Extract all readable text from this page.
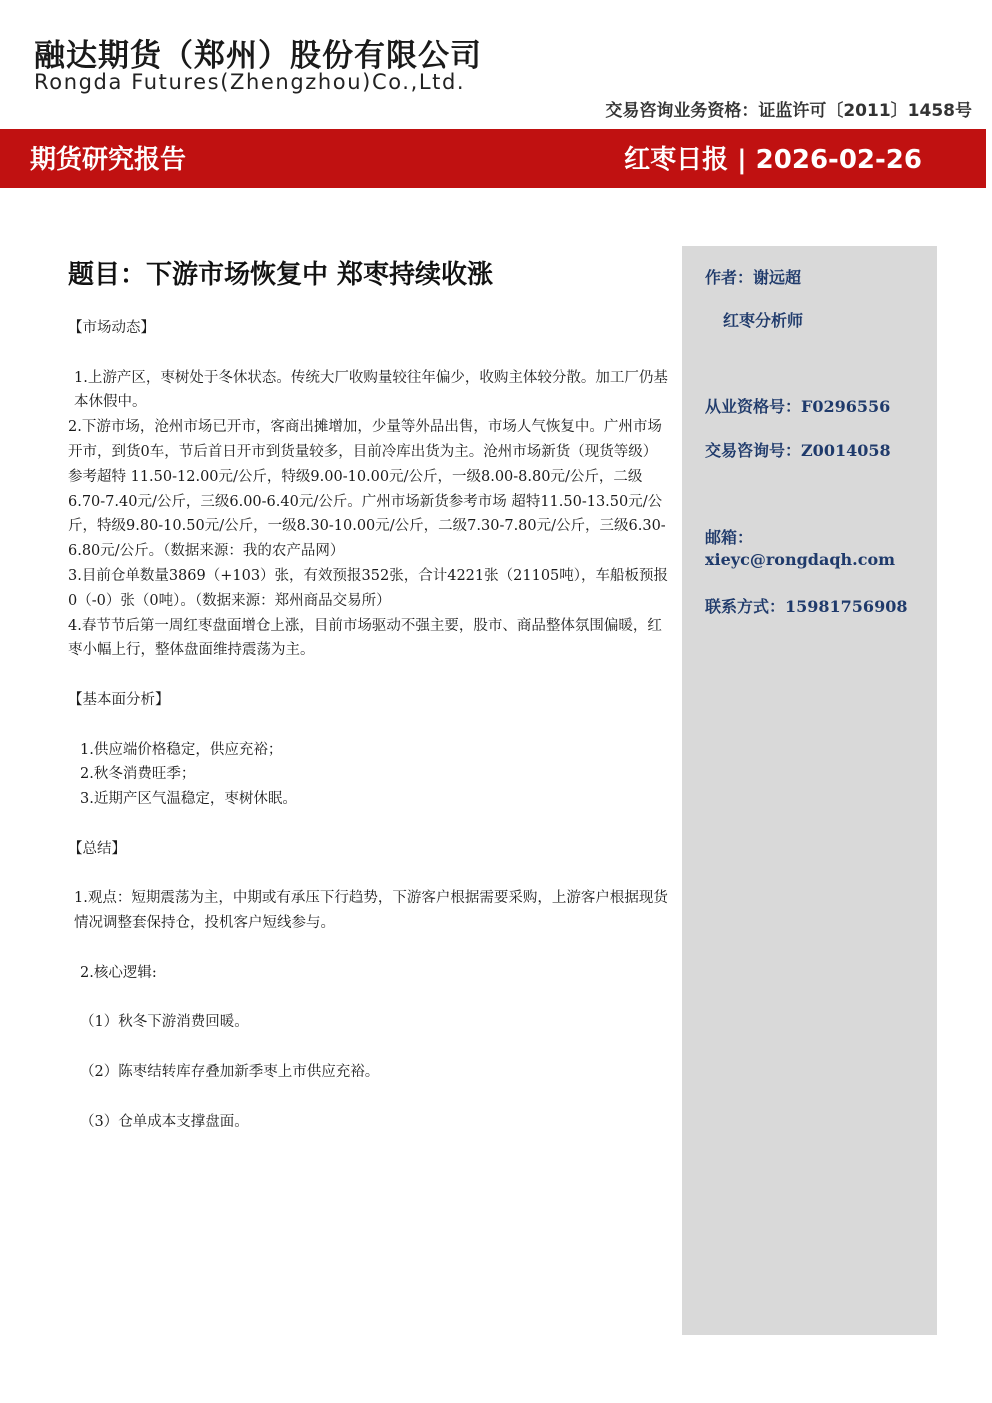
融达期货（郑州）股份有限公司
Rongda Futures(Zhengzhou)Co.,Ltd.
交易咨询业务资格：证监许可〔2011〕1458号
期货研究报告	红枣日报 | 2026-02-26
题目：下游市场恢复中 郑枣持续收涨	作者：谢远超
红枣分析师
从业资格号：F0296556
交易咨询号：Z0014058
邮箱：
xieyc@rongdaqh.com
联系方式：15981756908

【市场动态】

1.上游产区，枣树处于冬休状态。传统大厂收购量较往年偏少，收购主体较分散。加工厂仍基本休假中。

2.下游市场，沧州市场已开市，客商出摊增加，少量等外品出售，市场人气恢复中。广州市场开市，到货0车，节后首日开市到货量较多，目前冷库出货为主。沧州市场新货（现货等级）参考超特 11.50-12.00元/公斤，特级9.00-10.00元/公斤，一级8.00-8.80元/公斤，二级6.70-7.40元/公斤，三级6.00-6.40元/公斤。广州市场新货参考市场 超特11.50-13.50元/公斤，特级9.80-10.50元/公斤，一级8.30-10.00元/公斤，二级7.30-7.80元/公斤，三级6.30-6.80元/公斤。（数据来源：我的农产品网）

3.目前仓单数量3869（+103）张，有效预报352张，合计4221张（21105吨），车船板预报0（-0）张（0吨）。（数据来源：郑州商品交易所）

4.春节节后第一周红枣盘面增仓上涨，目前市场驱动不强主要，股市、商品整体氛围偏暖，红枣小幅上行，整体盘面维持震荡为主。

【基本面分析】

1.供应端价格稳定，供应充裕；

2.秋冬消费旺季；

3.近期产区气温稳定，枣树休眠。

【总结】

1.观点：短期震荡为主，中期或有承压下行趋势，下游客户根据需要采购，上游客户根据现货情况调整套保持仓，投机客户短线参与。

2.核心逻辑:

（1）秋冬下游消费回暖。

（2）陈枣结转库存叠加新季枣上市供应充裕。

（3）仓单成本支撑盘面。
